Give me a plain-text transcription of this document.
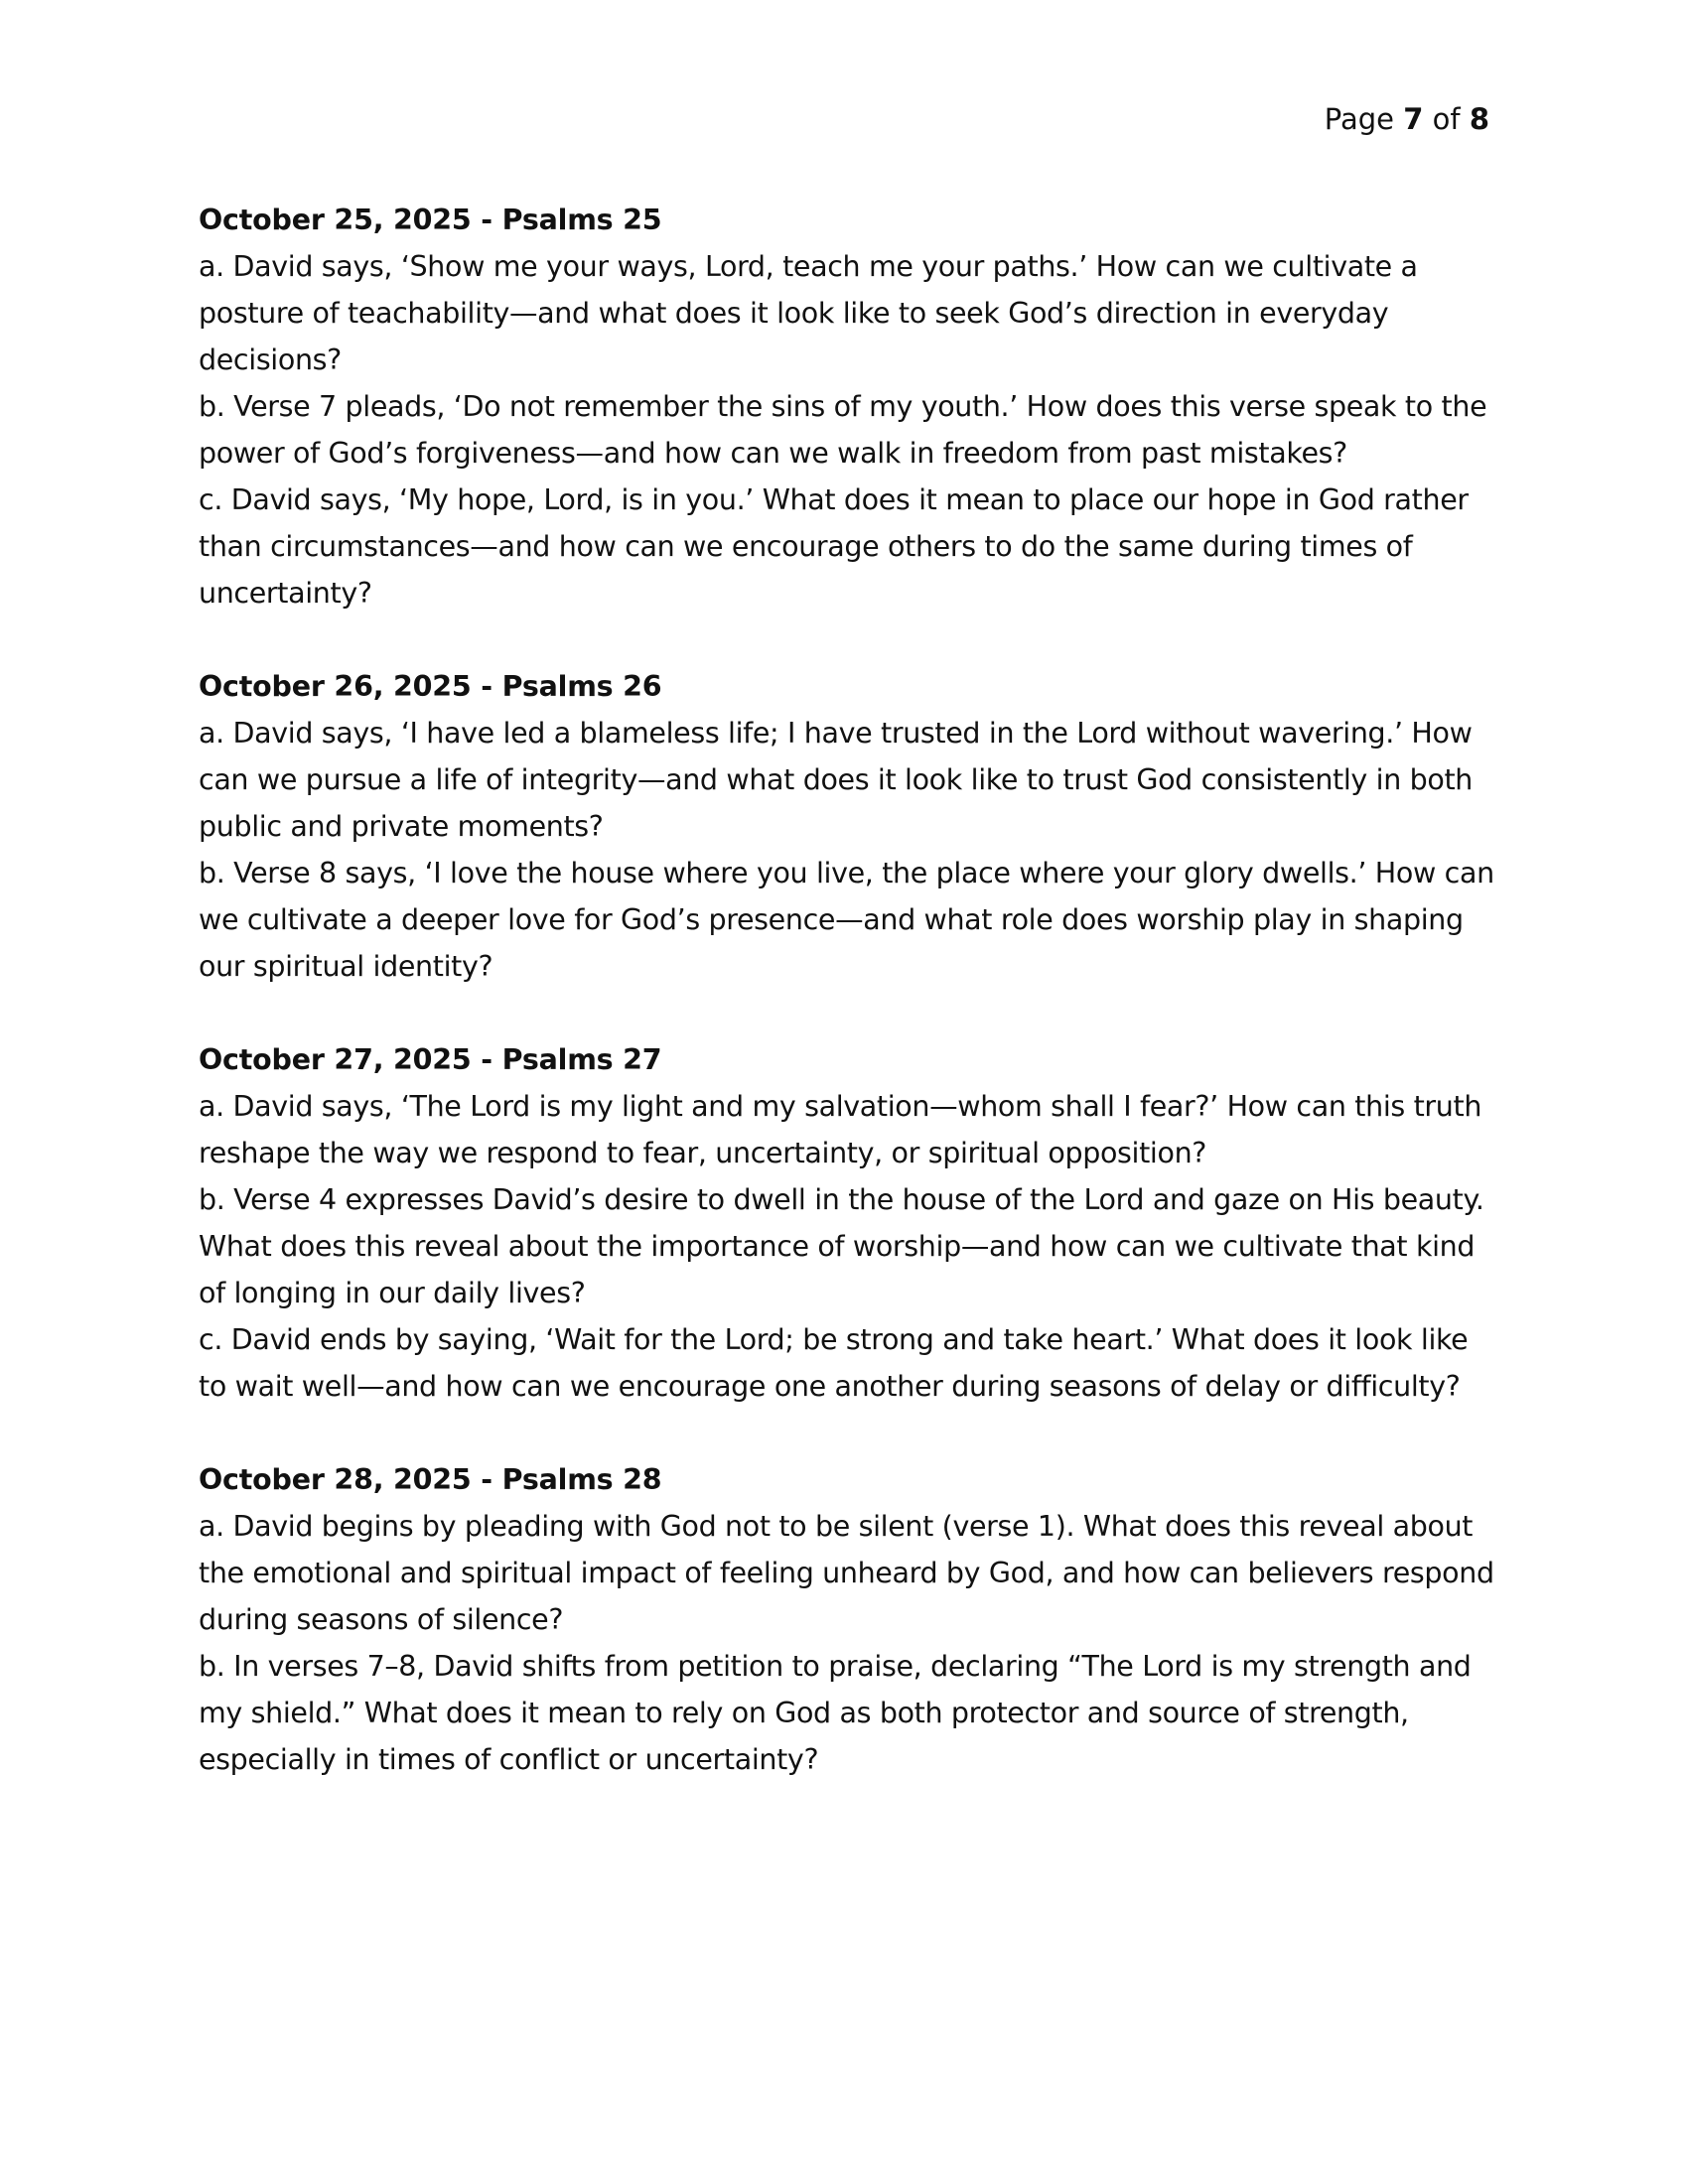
Page 7 of 8

October 25, 2025 - Psalms 25

a. David says, ‘Show me your ways, Lord, teach me your paths.’ How can we cultivate a posture of teachability—and what does it look like to seek God’s direction in everyday decisions?

b. Verse 7 pleads, ‘Do not remember the sins of my youth.’ How does this verse speak to the power of God’s forgiveness—and how can we walk in freedom from past mistakes?

c. David says, ‘My hope, Lord, is in you.’ What does it mean to place our hope in God rather than circumstances—and how can we encourage others to do the same during times of uncertainty?

October 26, 2025 - Psalms 26

a. David says, ‘I have led a blameless life; I have trusted in the Lord without wavering.’ How can we pursue a life of integrity—and what does it look like to trust God consistently in both public and private moments?

b. Verse 8 says, ‘I love the house where you live, the place where your glory dwells.’ How can we cultivate a deeper love for God’s presence—and what role does worship play in shaping our spiritual identity?

October 27, 2025 - Psalms 27

a. David says, ‘The Lord is my light and my salvation—whom shall I fear?’ How can this truth reshape the way we respond to fear, uncertainty, or spiritual opposition?

b. Verse 4 expresses David’s desire to dwell in the house of the Lord and gaze on His beauty. What does this reveal about the importance of worship—and how can we cultivate that kind of longing in our daily lives?

c. David ends by saying, ‘Wait for the Lord; be strong and take heart.’ What does it look like to wait well—and how can we encourage one another during seasons of delay or difficulty?

October 28, 2025 - Psalms 28

a. David begins by pleading with God not to be silent (verse 1). What does this reveal about the emotional and spiritual impact of feeling unheard by God, and how can believers respond during seasons of silence?

b. In verses 7–8, David shifts from petition to praise, declaring “The Lord is my strength and my shield.” What does it mean to rely on God as both protector and source of strength, especially in times of conflict or uncertainty?
